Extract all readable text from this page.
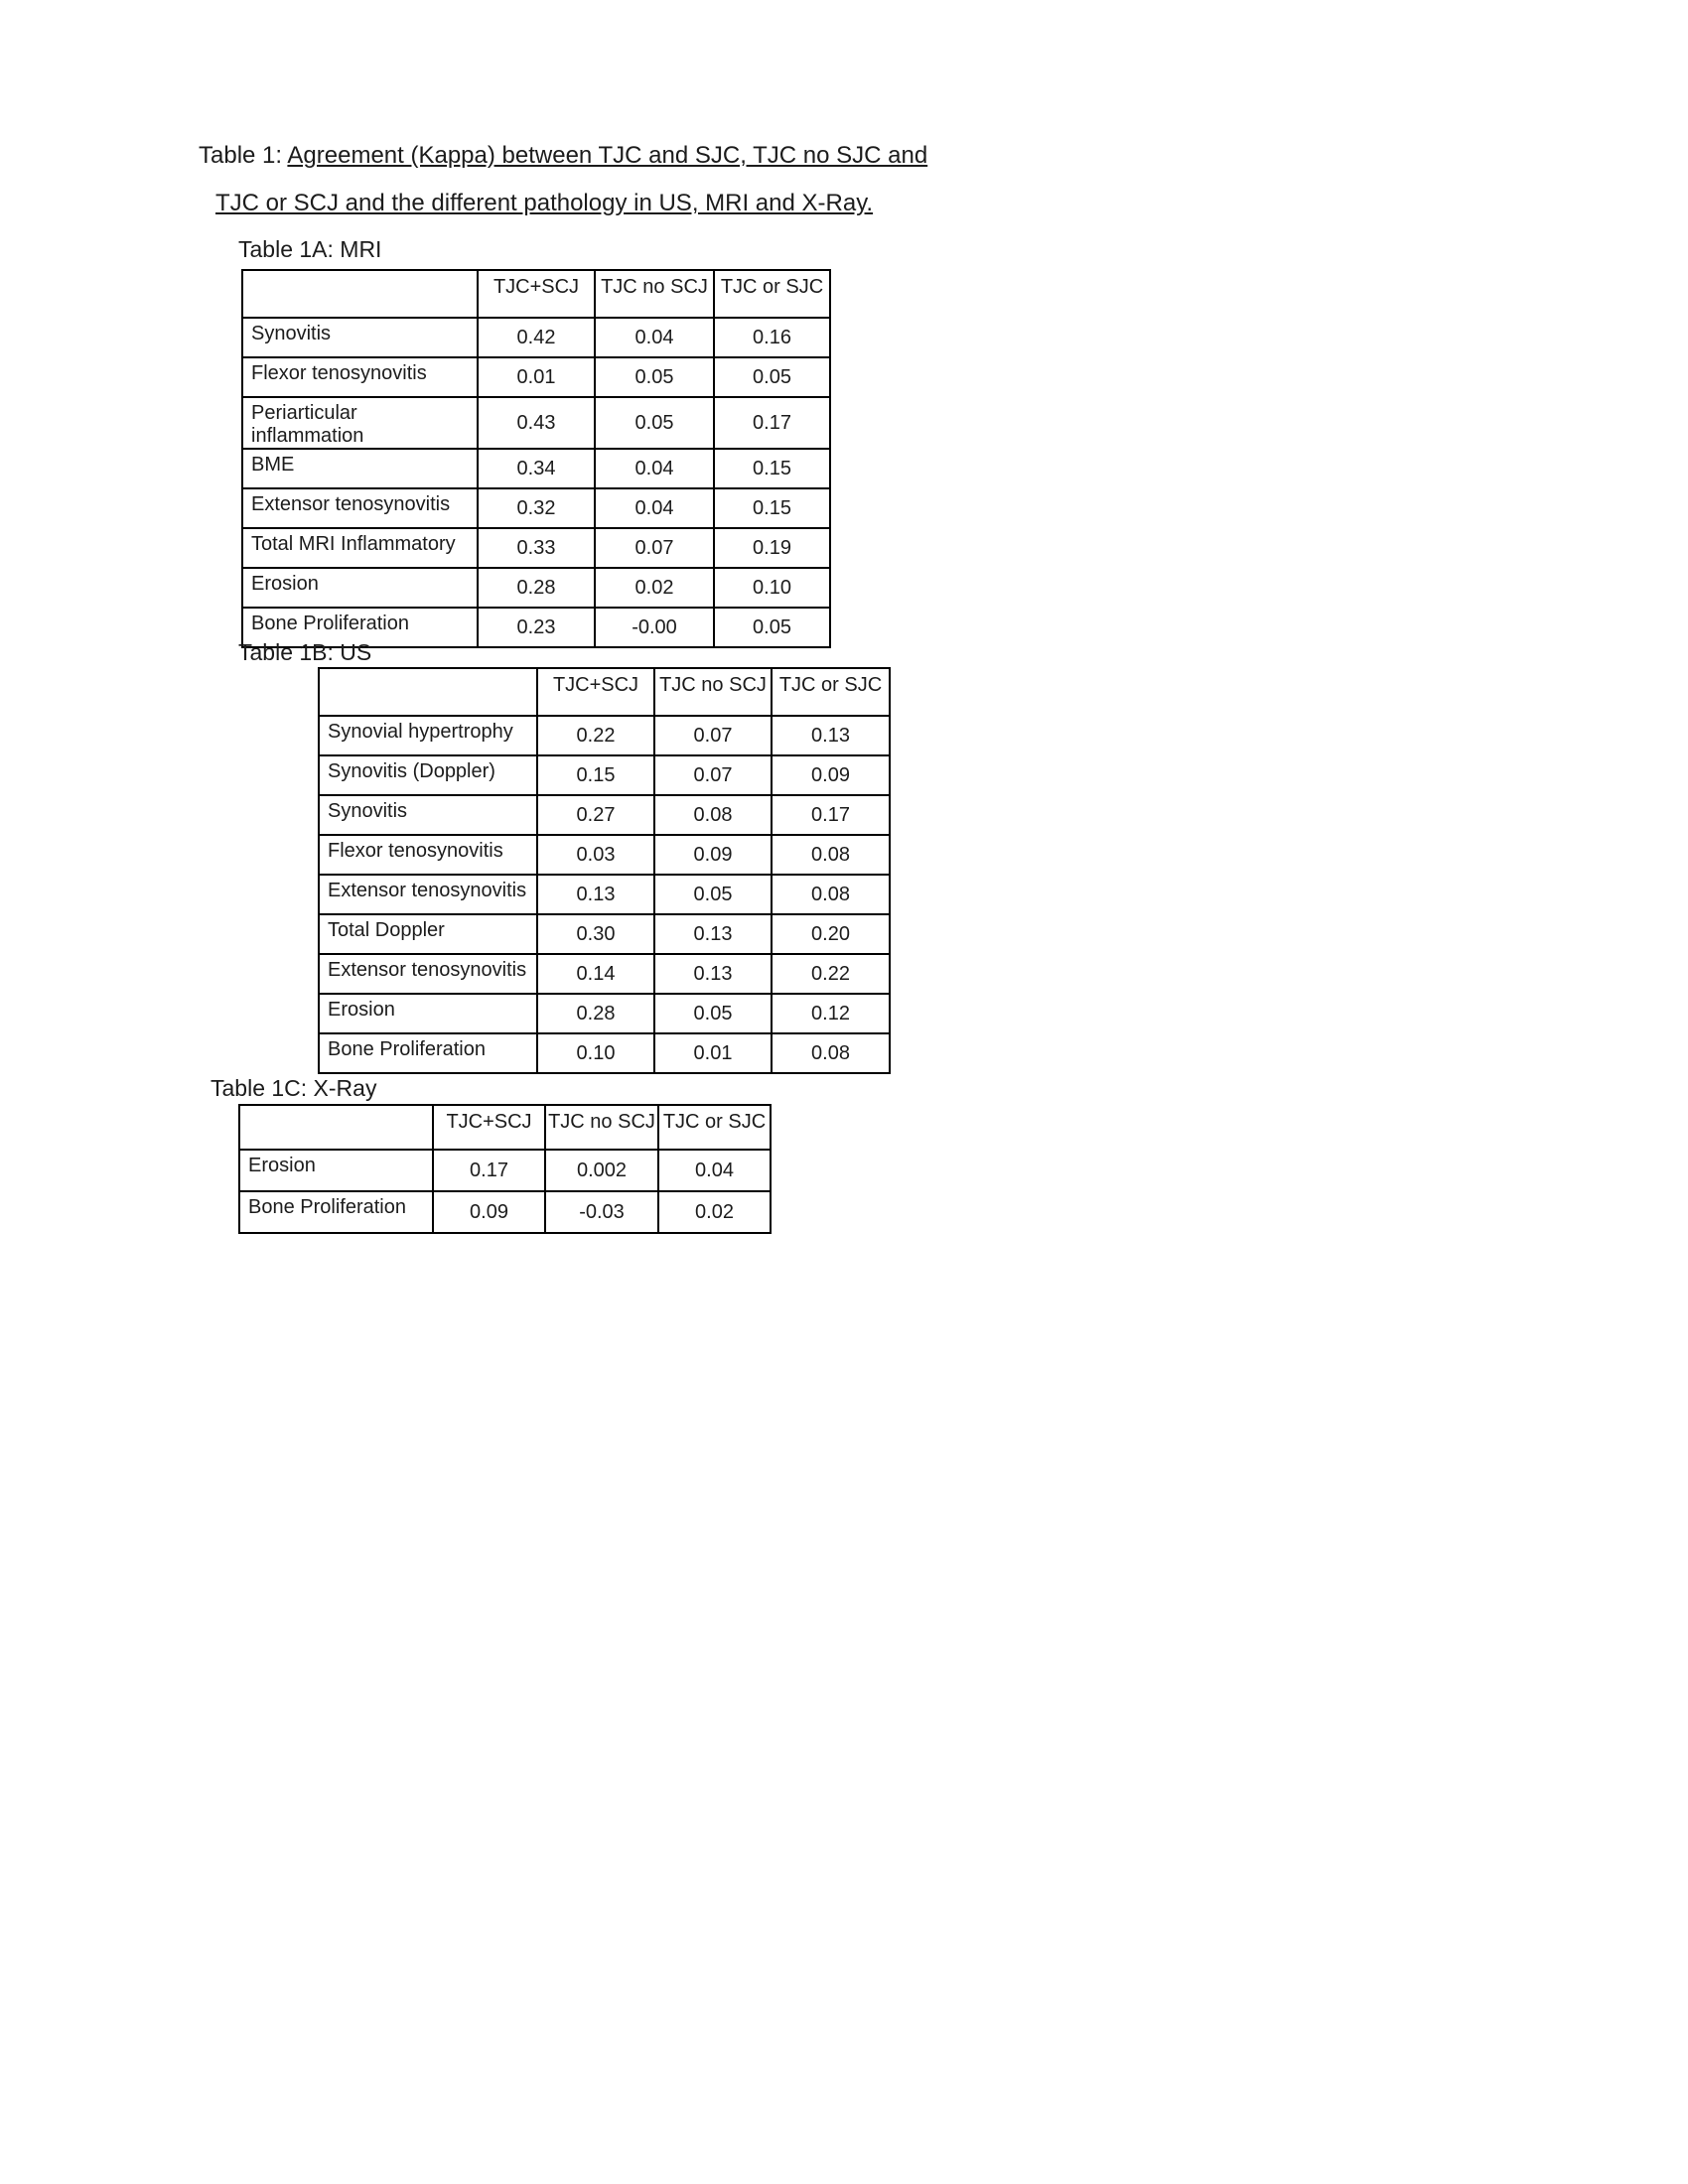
Table 1: Agreement (Kappa) between TJC and SJC, TJC no SJC and
TJC or SCJ and the different pathology in US, MRI and X-Ray.
Table 1A: MRI
	TJC+SCJ	TJC no SCJ	TJC or SJC
Synovitis	0.42	0.04	0.16
Flexor tenosynovitis	0.01	0.05	0.05
Periarticular inflammation	0.43	0.05	0.17
BME	0.34	0.04	0.15
Extensor tenosynovitis	0.32	0.04	0.15
Total MRI Inflammatory	0.33	0.07	0.19
Erosion	0.28	0.02	0.10
Bone Proliferation	0.23	-0.00	0.05
Table 1B: US
	TJC+SCJ	TJC no SCJ	TJC or SJC
Synovial hypertrophy	0.22	0.07	0.13
Synovitis (Doppler)	0.15	0.07	0.09
Synovitis	0.27	0.08	0.17
Flexor tenosynovitis	0.03	0.09	0.08
Extensor tenosynovitis	0.13	0.05	0.08
Total Doppler	0.30	0.13	0.20
Extensor tenosynovitis	0.14	0.13	0.22
Erosion	0.28	0.05	0.12
Bone Proliferation	0.10	0.01	0.08
Table 1C: X-Ray
	TJC+SCJ	TJC no SCJ	TJC or SJC
Erosion	0.17	0.002	0.04
Bone Proliferation	0.09	-0.03	0.02
